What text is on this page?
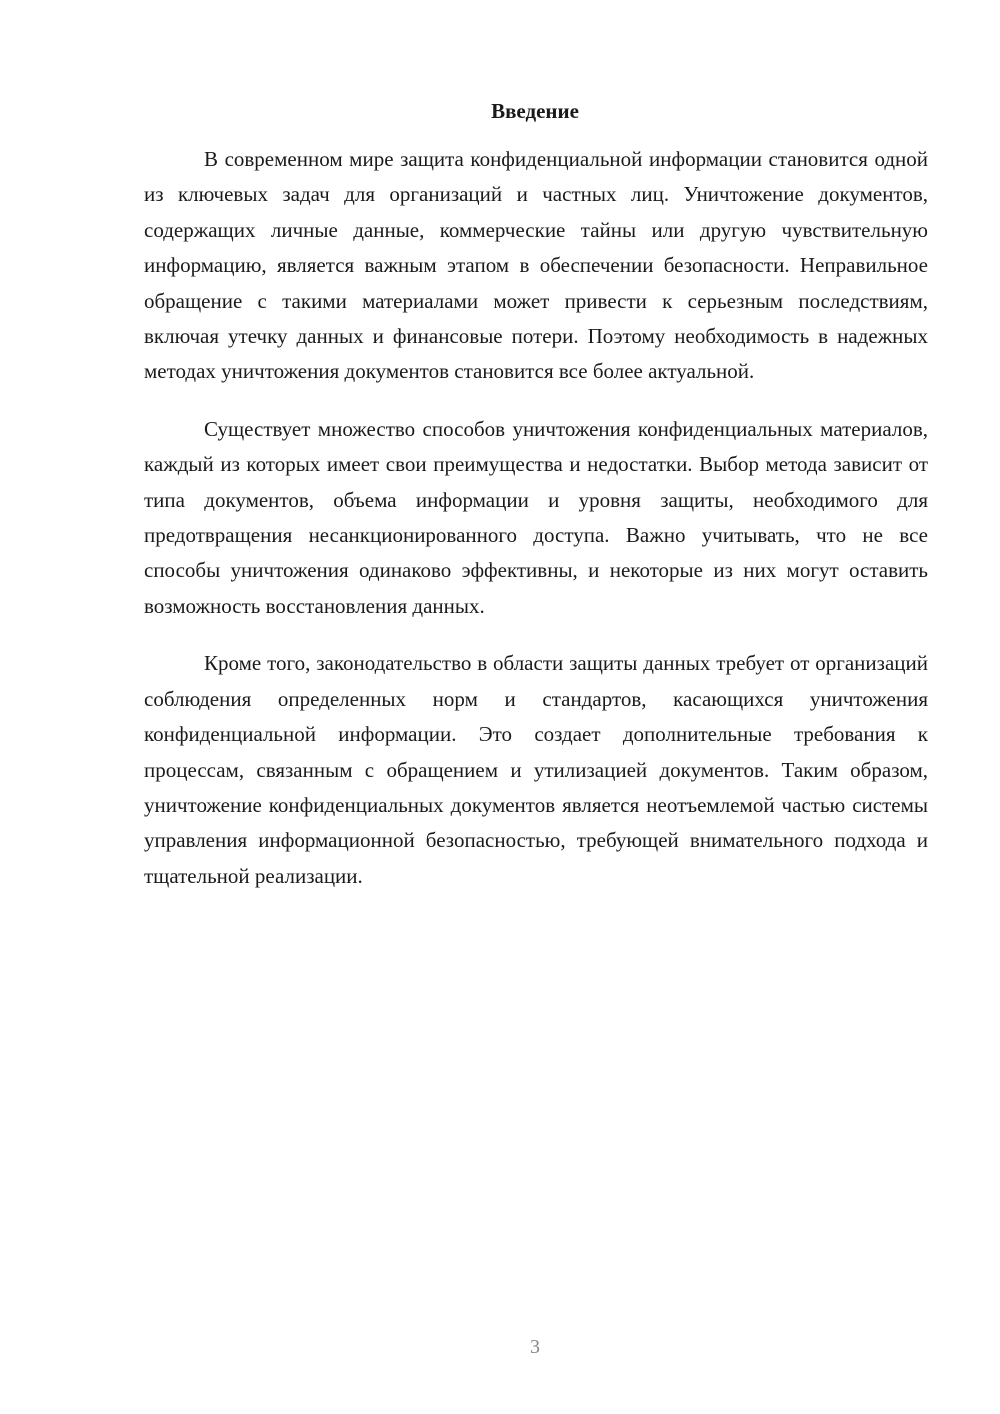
Введение

В современном мире защита конфиденциальной информации становится одной из ключевых задач для организаций и частных лиц. Уничтожение документов, содержащих личные данные, коммерческие тайны или другую чувствительную информацию, является важным этапом в обеспечении безопасности. Неправильное обращение с такими материалами может привести к серьезным последствиям, включая утечку данных и финансовые потери. Поэтому необходимость в надежных методах уничтожения документов становится все более актуальной.

Существует множество способов уничтожения конфиденциальных материалов, каждый из которых имеет свои преимущества и недостатки. Выбор метода зависит от типа документов, объема информации и уровня защиты, необходимого для предотвращения несанкционированного доступа. Важно учитывать, что не все способы уничтожения одинаково эффективны, и некоторые из них могут оставить возможность восстановления данных.

Кроме того, законодательство в области защиты данных требует от организаций соблюдения определенных норм и стандартов, касающихся уничтожения конфиденциальной информации. Это создает дополнительные требования к процессам, связанным с обращением и утилизацией документов. Таким образом, уничтожение конфиденциальных документов является неотъемлемой частью системы управления информационной безопасностью, требующей внимательного подхода и тщательной реализации.

3
